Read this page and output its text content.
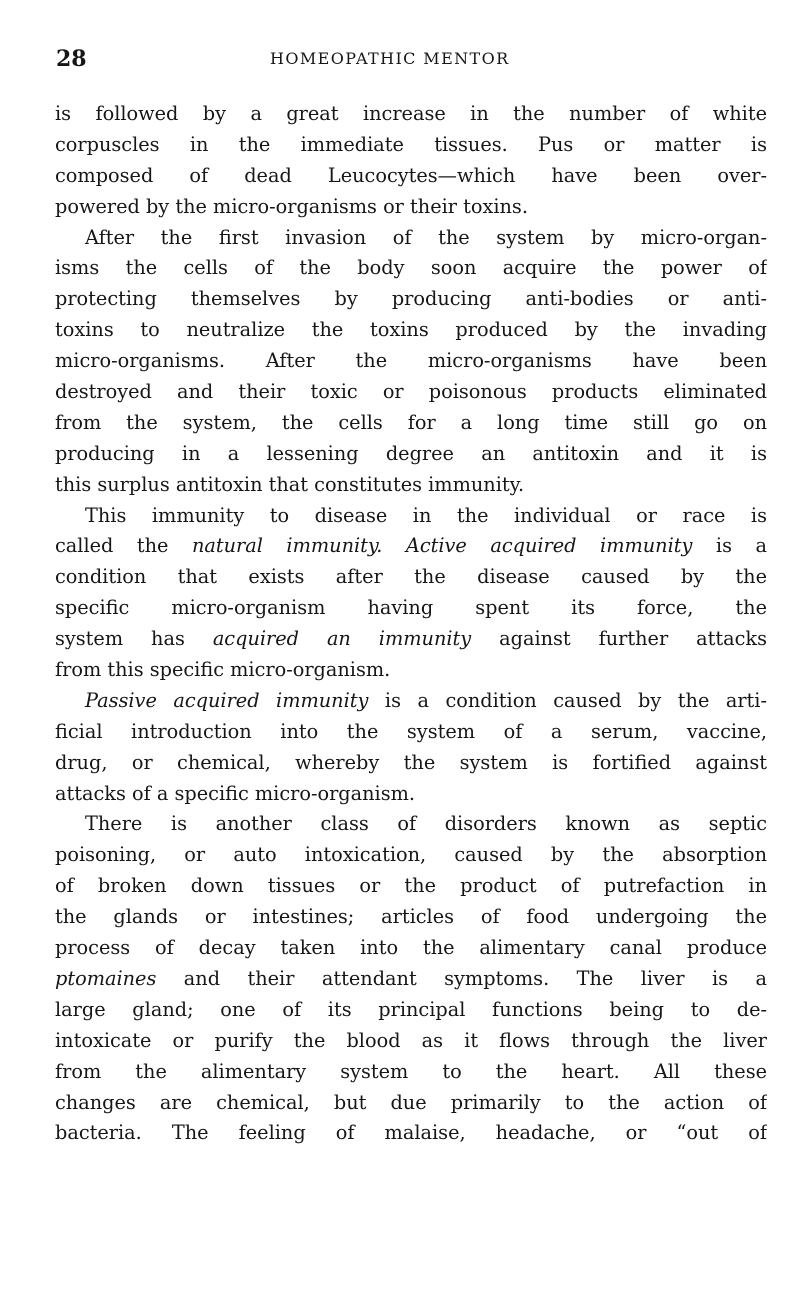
28	HOMEOPATHIC MENTOR
is followed by a great increase in the number of white
corpuscles in the immediate tissues. Pus or matter is
composed of dead Leucocytes—which have been over-
powered by the micro-organisms or their toxins.
After the first invasion of the system by micro-organ-
isms the cells of the body soon acquire the power of
protecting themselves by producing anti-bodies or anti-
toxins to neutralize the toxins produced by the invading
micro-organisms. After the micro-organisms have been
destroyed and their toxic or poisonous products eliminated
from the system, the cells for a long time still go on
producing in a lessening degree an antitoxin and it is
this surplus antitoxin that constitutes immunity.
This immunity to disease in the individual or race is
called the natural immunity. Active acquired immunity is a
condition that exists after the disease caused by the
specific micro-organism having spent its force, the
system has acquired an immunity against further attacks
from this specific micro-organism.
Passive acquired immunity is a condition caused by the arti-
ficial introduction into the system of a serum, vaccine,
drug, or chemical, whereby the system is fortified against
attacks of a specific micro-organism.
There is another class of disorders known as septic
poisoning, or auto intoxication, caused by the absorption
of broken down tissues or the product of putrefaction in
the glands or intestines; articles of food undergoing the
process of decay taken into the alimentary canal produce
ptomaines and their attendant symptoms. The liver is a
large gland; one of its principal functions being to de-
intoxicate or purify the blood as it flows through the liver
from the alimentary system to the heart. All these
changes are chemical, but due primarily to the action of
bacteria. The feeling of malaise, headache, or “out of
